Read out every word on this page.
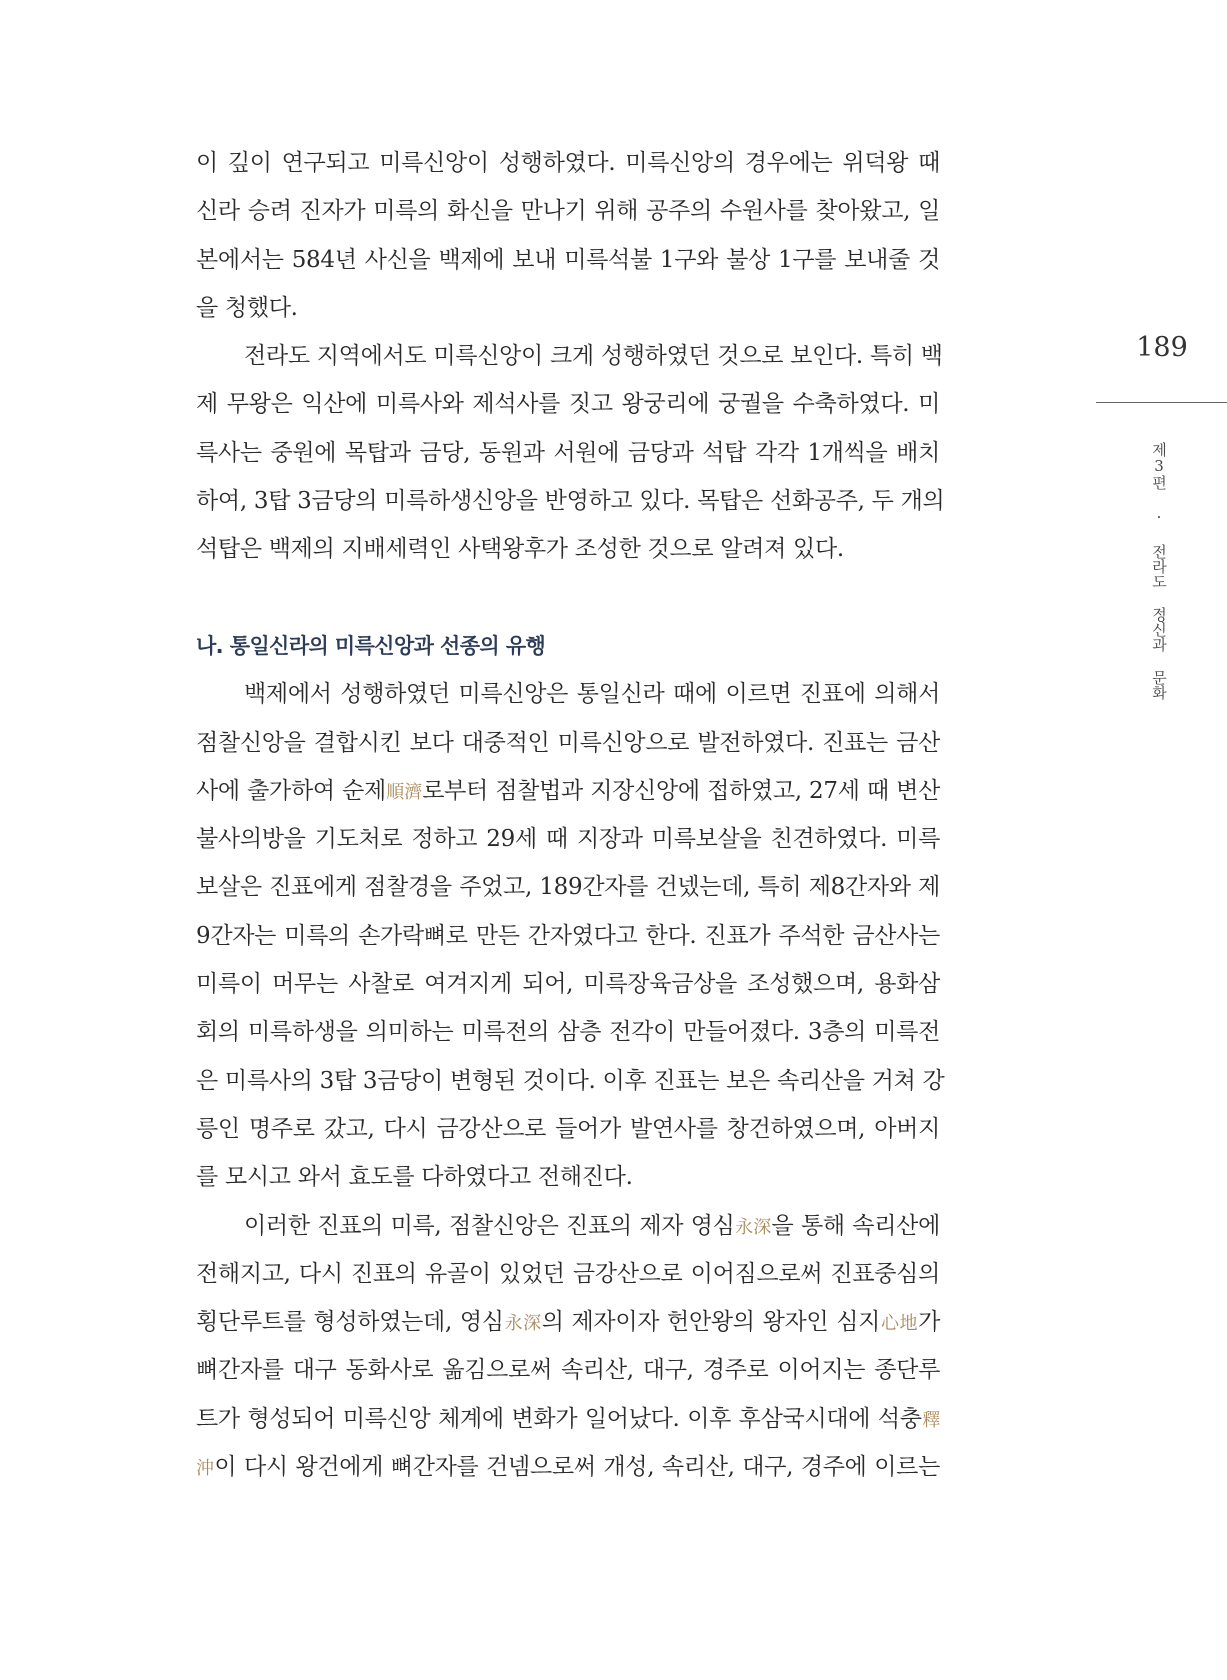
이 깊이 연구되고 미륵신앙이 성행하였다. 미륵신앙의 경우에는 위덕왕 때
신라 승려 진자가 미륵의 화신을 만나기 위해 공주의 수원사를 찾아왔고, 일
본에서는 584년 사신을 백제에 보내 미륵석불 1구와 불상 1구를 보내줄 것
을 청했다.
전라도 지역에서도 미륵신앙이 크게 성행하였던 것으로 보인다. 특히 백
제 무왕은 익산에 미륵사와 제석사를 짓고 왕궁리에 궁궐을 수축하였다. 미
륵사는 중원에 목탑과 금당, 동원과 서원에 금당과 석탑 각각 1개씩을 배치
하여, 3탑 3금당의 미륵하생신앙을 반영하고 있다. 목탑은 선화공주, 두 개의
석탑은 백제의 지배세력인 사택왕후가 조성한 것으로 알려져 있다.
나. 통일신라의 미륵신앙과 선종의 유행
백제에서 성행하였던 미륵신앙은 통일신라 때에 이르면 진표에 의해서
점찰신앙을 결합시킨 보다 대중적인 미륵신앙으로 발전하였다. 진표는 금산
사에 출가하여 순제順濟로부터 점찰법과 지장신앙에 접하였고, 27세 때 변산
불사의방을 기도처로 정하고 29세 때 지장과 미륵보살을 친견하였다. 미륵
보살은 진표에게 점찰경을 주었고, 189간자를 건넸는데, 특히 제8간자와 제
9간자는 미륵의 손가락뼈로 만든 간자였다고 한다. 진표가 주석한 금산사는
미륵이 머무는 사찰로 여겨지게 되어, 미륵장육금상을 조성했으며, 용화삼
회의 미륵하생을 의미하는 미륵전의 삼층 전각이 만들어졌다. 3층의 미륵전
은 미륵사의 3탑 3금당이 변형된 것이다. 이후 진표는 보은 속리산을 거쳐 강
릉인 명주로 갔고, 다시 금강산으로 들어가 발연사를 창건하였으며, 아버지
를 모시고 와서 효도를 다하였다고 전해진다.
이러한 진표의 미륵, 점찰신앙은 진표의 제자 영심永深을 통해 속리산에
전해지고, 다시 진표의 유골이 있었던 금강산으로 이어짐으로써 진표중심의
횡단루트를 형성하였는데, 영심永深의 제자이자 헌안왕의 왕자인 심지心地가
뼈간자를 대구 동화사로 옮김으로써 속리산, 대구, 경주로 이어지는 종단루
트가 형성되어 미륵신앙 체계에 변화가 일어났다. 이후 후삼국시대에 석충釋
沖이 다시 왕건에게 뼈간자를 건넴으로써 개성, 속리산, 대구, 경주에 이르는
189
제3편 · 전라도 정신과 문화
